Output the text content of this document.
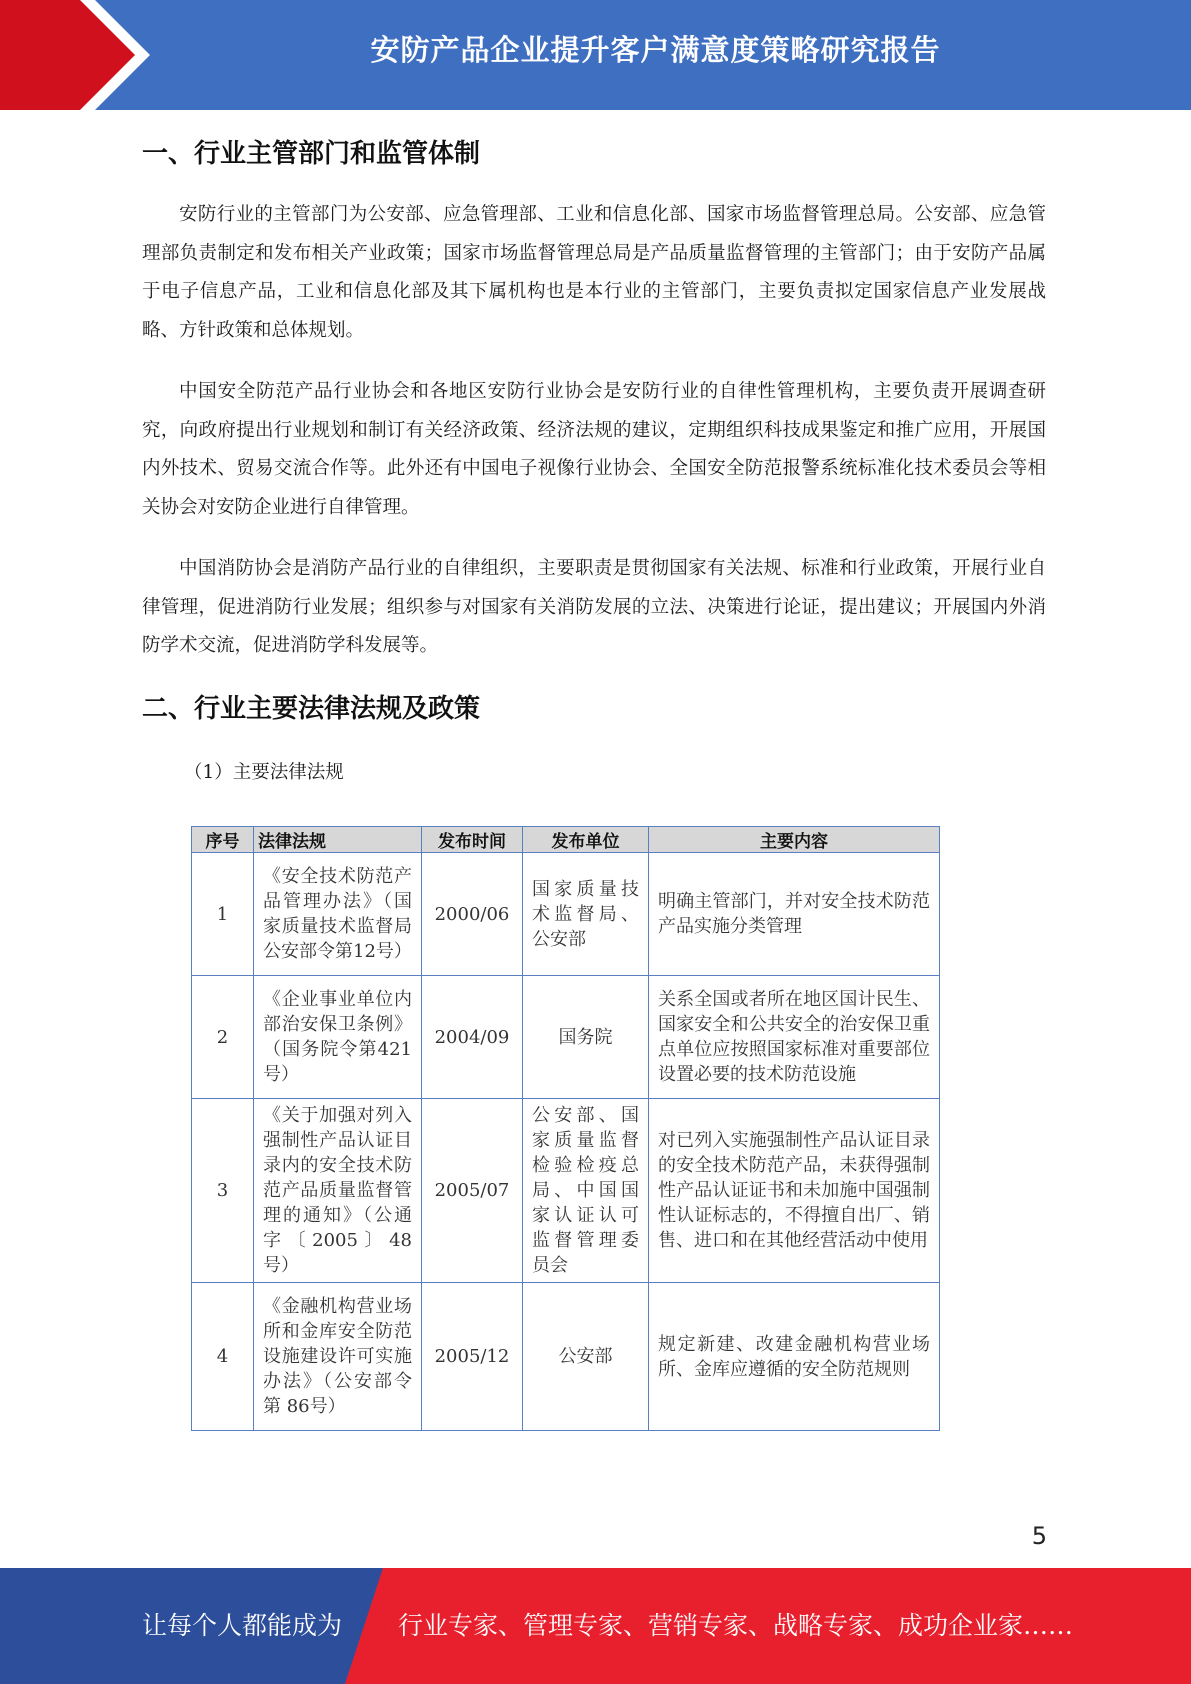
安防产品企业提升客户满意度策略研究报告
一、行业主管部门和监管体制

安防行业的主管部门为公安部、应急管理部、工业和信息化部、国家市场监督管理总局。公安部、应急管理部负责制定和发布相关产业政策；国家市场监督管理总局是产品质量监督管理的主管部门；由于安防产品属于电子信息产品，工业和信息化部及其下属机构也是本行业的主管部门，主要负责拟定国家信息产业发展战略、方针政策和总体规划。

中国安全防范产品行业协会和各地区安防行业协会是安防行业的自律性管理机构，主要负责开展调查研究，向政府提出行业规划和制订有关经济政策、经济法规的建议，定期组织科技成果鉴定和推广应用，开展国内外技术、贸易交流合作等。此外还有中国电子视像行业协会、全国安全防范报警系统标准化技术委员会等相关协会对安防企业进行自律管理。

中国消防协会是消防产品行业的自律组织，主要职责是贯彻国家有关法规、标准和行业政策，开展行业自律管理，促进消防行业发展；组织参与对国家有关消防发展的立法、决策进行论证，提出建议；开展国内外消防学术交流，促进消防学科发展等。

二、行业主要法律法规及政策
（1）主要法律法规
序号	法律法规	发布时间	发布单位	主要内容
1	《安全技术防范产品管理办法》（国家质量技术监督局 公安部令第12号）	2000/06	国家质量技术监督局、公安部	明确主管部门，并对安全技术防范产品实施分类管理
2	《企业事业单位内部治安保卫条例》（国务院令第421号）	2004/09	国务院	关系全国或者所在地区国计民生、国家安全和公共安全的治安保卫重点单位应按照国家标准对重要部位设置必要的技术防范设施
3	《关于加强对列入强制性产品认证目录内的安全技术防范产品质量监督管理的通知》（公通字〔2005〕48号）	2005/07	公安部、国家质量监督检验检疫总局、中国国家认证认可监督管理委员会	对已列入实施强制性产品认证目录的安全技术防范产品，未获得强制性产品认证证书和未加施中国强制性认证标志的，不得擅自出厂、销售、进口和在其他经营活动中使用
4	《金融机构营业场所和金库安全防范设施建设许可实施办法》（公安部令第 86号）	2005/12	公安部	规定新建、改建金融机构营业场所、金库应遵循的安全防范规则
5
让每个人都能成为 行业专家、管理专家、营销专家、战略专家、成功企业家……
